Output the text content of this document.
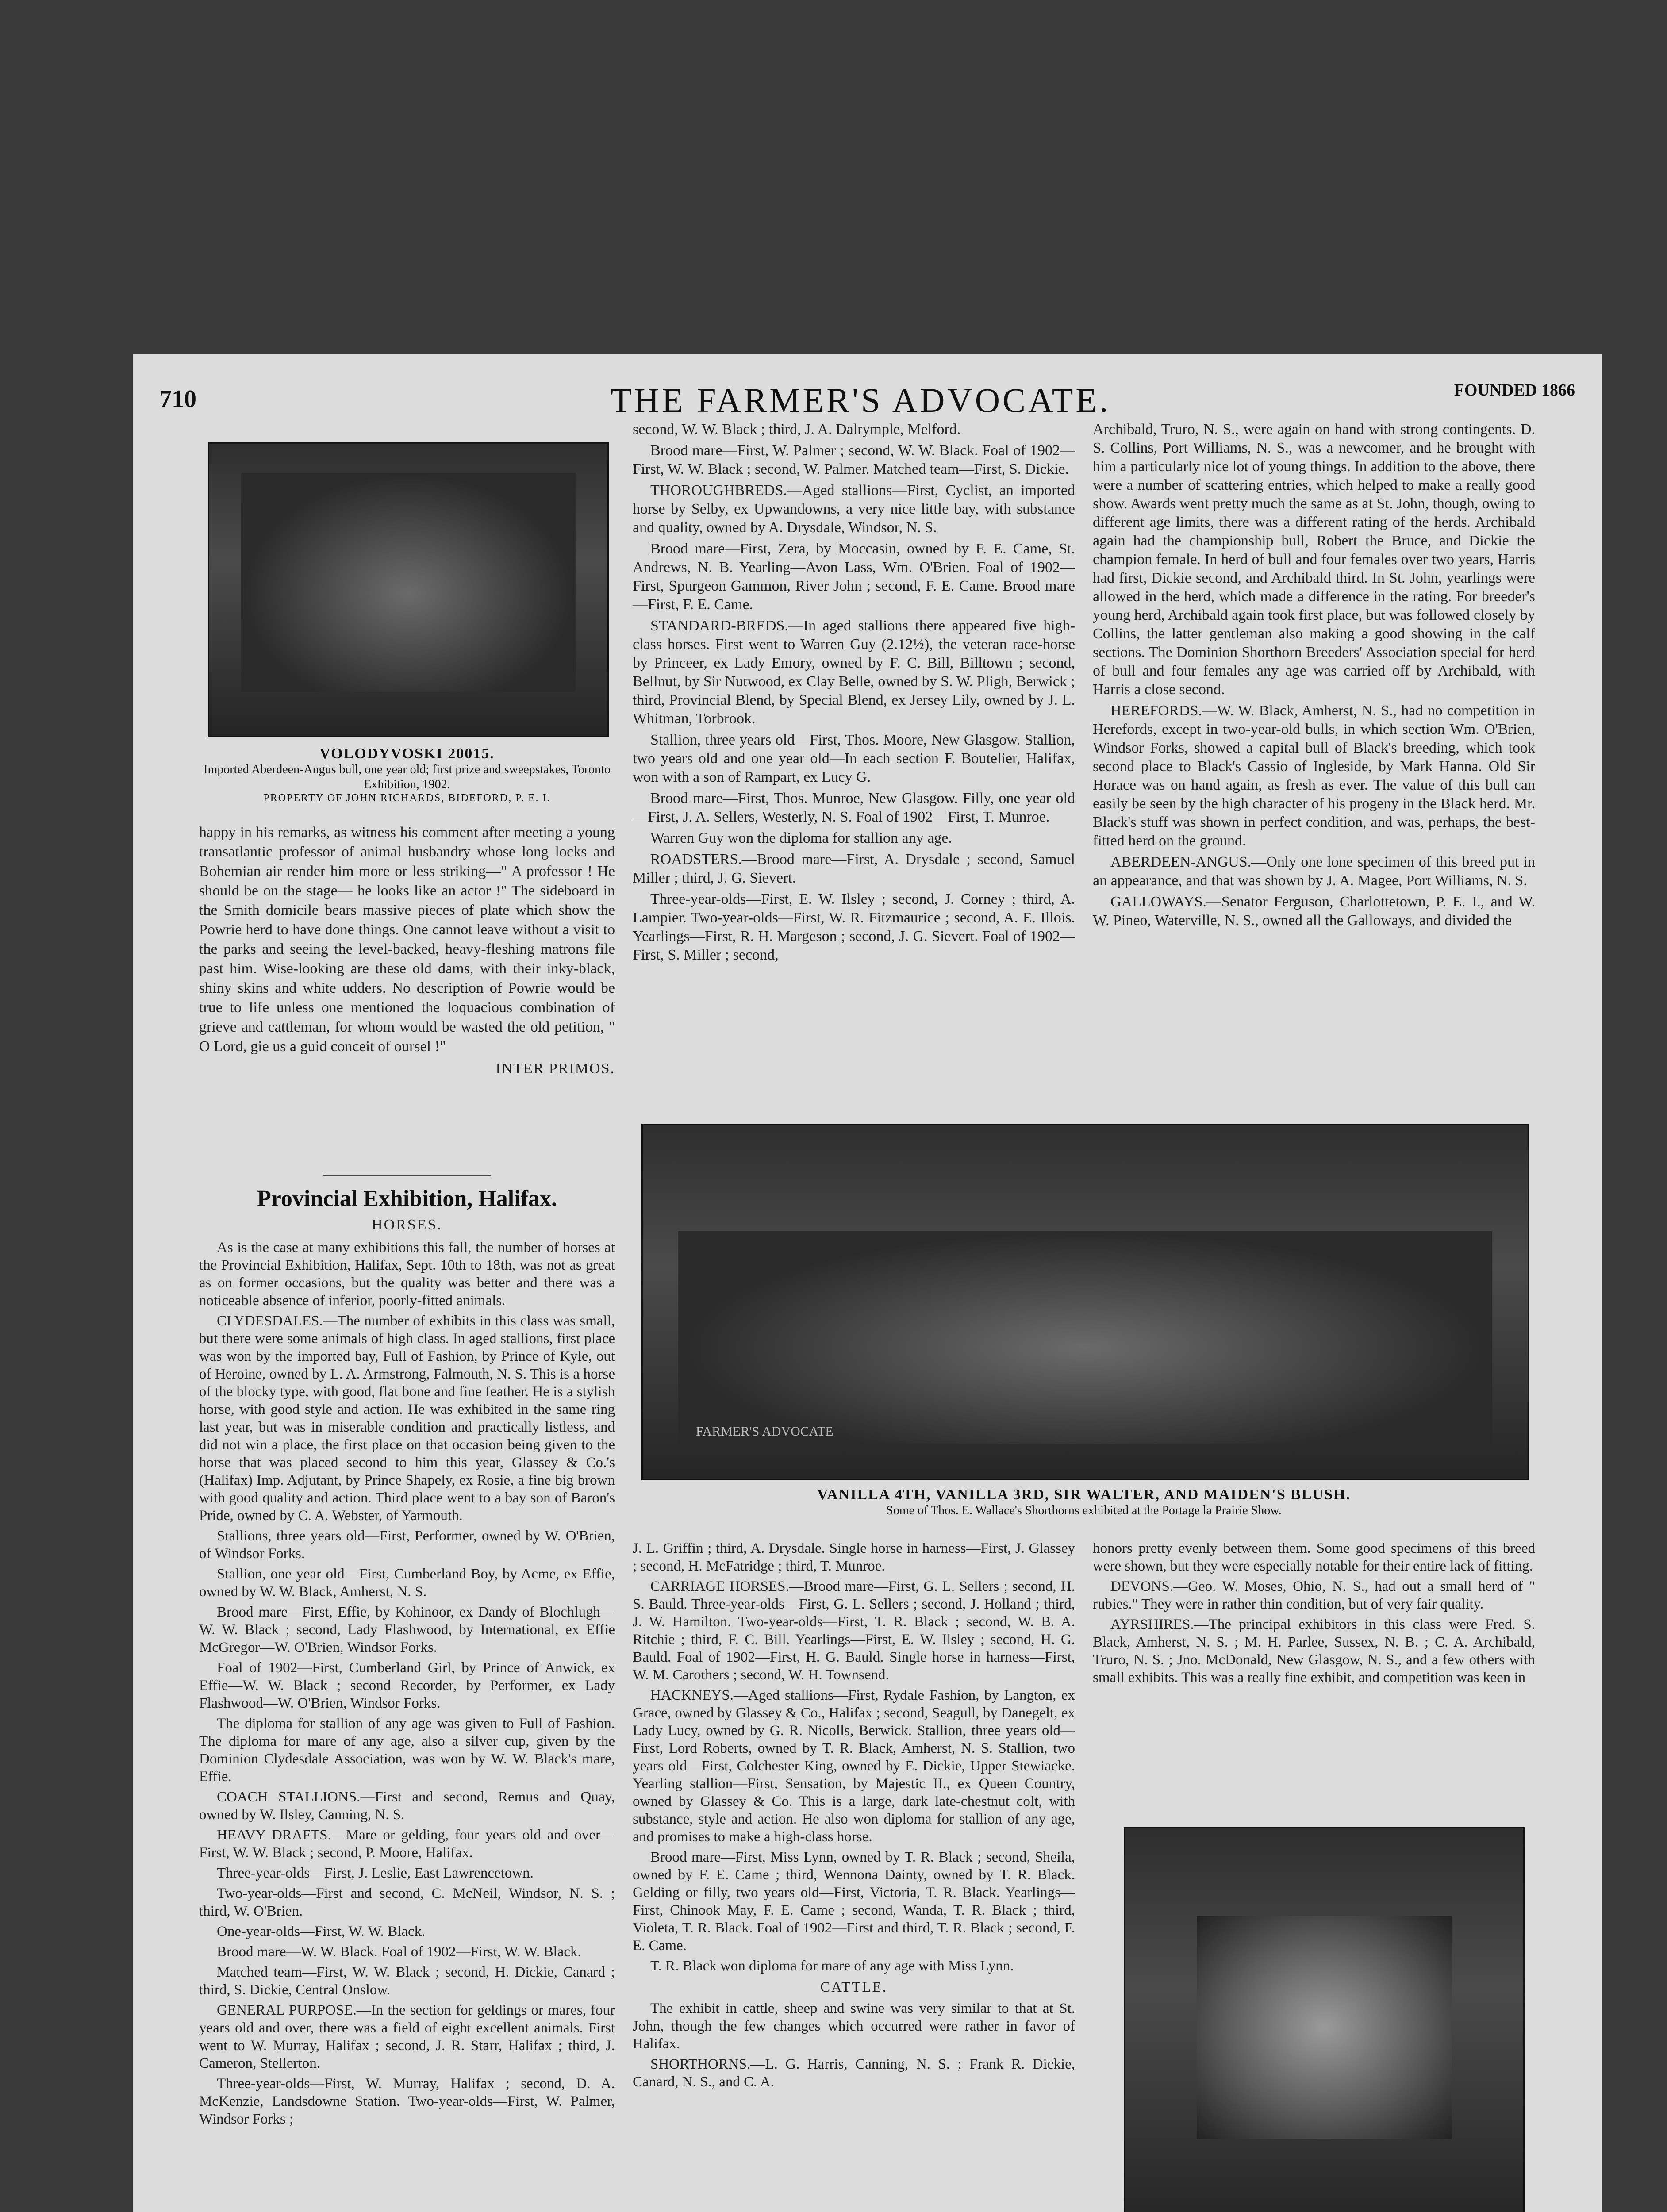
710	THE FARMER'S ADVOCATE.	FOUNDED 1866
VOLODYVOSKI 20015.
Imported Aberdeen-Angus bull, one year old; first prize and sweepstakes, Toronto Exhibition, 1902.
PROPERTY OF JOHN RICHARDS, BIDEFORD, P. E. I.

happy in his remarks, as witness his comment after meeting a young transatlantic professor of animal husbandry whose long locks and Bohemian air render him more or less striking—" A professor ! He should be on the stage— he looks like an actor !" The sideboard in the Smith domicile bears massive pieces of plate which show the Powrie herd to have done things. One cannot leave without a visit to the parks and seeing the level-backed, heavy-fleshing matrons file past him. Wise-looking are these old dams, with their inky-black, shiny skins and white udders. No description of Powrie would be true to life unless one mentioned the loquacious combination of grieve and cattleman, for whom would be wasted the old petition, " O Lord, gie us a guid conceit of oursel !"

INTER PRIMOS.
Provincial Exhibition, Halifax.
HORSES.

As is the case at many exhibitions this fall, the number of horses at the Provincial Exhibition, Halifax, Sept. 10th to 18th, was not as great as on former occasions, but the quality was better and there was a noticeable absence of inferior, poorly-fitted animals.

CLYDESDALES.—The number of exhibits in this class was small, but there were some animals of high class. In aged stallions, first place was won by the imported bay, Full of Fashion, by Prince of Kyle, out of Heroine, owned by L. A. Armstrong, Falmouth, N. S. This is a horse of the blocky type, with good, flat bone and fine feather. He is a stylish horse, with good style and action. He was exhibited in the same ring last year, but was in miserable condition and practically listless, and did not win a place, the first place on that occasion being given to the horse that was placed second to him this year, Glassey & Co.'s (Halifax) Imp. Adjutant, by Prince Shapely, ex Rosie, a fine big brown with good quality and action. Third place went to a bay son of Baron's Pride, owned by C. A. Webster, of Yarmouth.

Stallions, three years old—First, Performer, owned by W. O'Brien, of Windsor Forks.

Stallion, one year old—First, Cumberland Boy, by Acme, ex Effie, owned by W. W. Black, Amherst, N. S.

Brood mare—First, Effie, by Kohinoor, ex Dandy of Blochlugh—W. W. Black ; second, Lady Flashwood, by International, ex Effie McGregor—W. O'Brien, Windsor Forks.

Foal of 1902—First, Cumberland Girl, by Prince of Anwick, ex Effie—W. W. Black ; second Recorder, by Performer, ex Lady Flashwood—W. O'Brien, Windsor Forks.

The diploma for stallion of any age was given to Full of Fashion. The diploma for mare of any age, also a silver cup, given by the Dominion Clydesdale Association, was won by W. W. Black's mare, Effie.

COACH STALLIONS.—First and second, Remus and Quay, owned by W. Ilsley, Canning, N. S.

HEAVY DRAFTS.—Mare or gelding, four years old and over—First, W. W. Black ; second, P. Moore, Halifax.

Three-year-olds—First, J. Leslie, East Lawrencetown.

Two-year-olds—First and second, C. McNeil, Windsor, N. S. ; third, W. O'Brien.

One-year-olds—First, W. W. Black.

Brood mare—W. W. Black. Foal of 1902—First, W. W. Black.

Matched team—First, W. W. Black ; second, H. Dickie, Canard ; third, S. Dickie, Central Onslow.

GENERAL PURPOSE.—In the section for geldings or mares, four years old and over, there was a field of eight excellent animals. First went to W. Murray, Halifax ; second, J. R. Starr, Halifax ; third, J. Cameron, Stellerton.

Three-year-olds—First, W. Murray, Halifax ; second, D. A. McKenzie, Landsdowne Station. Two-year-olds—First, W. Palmer, Windsor Forks ;

second, W. W. Black ; third, J. A. Dalrymple, Melford.

Brood mare—First, W. Palmer ; second, W. W. Black. Foal of 1902—First, W. W. Black ; second, W. Palmer. Matched team—First, S. Dickie.

THOROUGHBREDS.—Aged stallions—First, Cyclist, an imported horse by Selby, ex Upwandowns, a very nice little bay, with substance and quality, owned by A. Drysdale, Windsor, N. S.

Brood mare—First, Zera, by Moccasin, owned by F. E. Came, St. Andrews, N. B. Yearling—Avon Lass, Wm. O'Brien. Foal of 1902—First, Spurgeon Gammon, River John ; second, F. E. Came. Brood mare—First, F. E. Came.

STANDARD-BREDS.—In aged stallions there appeared five high-class horses. First went to Warren Guy (2.12½), the veteran race-horse by Princeer, ex Lady Emory, owned by F. C. Bill, Billtown ; second, Bellnut, by Sir Nutwood, ex Clay Belle, owned by S. W. Pligh, Berwick ; third, Provincial Blend, by Special Blend, ex Jersey Lily, owned by J. L. Whitman, Torbrook.

Stallion, three years old—First, Thos. Moore, New Glasgow. Stallion, two years old and one year old—In each section F. Boutelier, Halifax, won with a son of Rampart, ex Lucy G.

Brood mare—First, Thos. Munroe, New Glasgow. Filly, one year old—First, J. A. Sellers, Westerly, N. S. Foal of 1902—First, T. Munroe.

Warren Guy won the diploma for stallion any age.

ROADSTERS.—Brood mare—First, A. Drysdale ; second, Samuel Miller ; third, J. G. Sievert.

Three-year-olds—First, E. W. Ilsley ; second, J. Corney ; third, A. Lampier. Two-year-olds—First, W. R. Fitzmaurice ; second, A. E. Illois. Yearlings—First, R. H. Margeson ; second, J. G. Sievert. Foal of 1902—First, S. Miller ; second,

Archibald, Truro, N. S., were again on hand with strong contingents. D. S. Collins, Port Williams, N. S., was a newcomer, and he brought with him a particularly nice lot of young things. In addition to the above, there were a number of scattering entries, which helped to make a really good show. Awards went pretty much the same as at St. John, though, owing to different age limits, there was a different rating of the herds. Archibald again had the championship bull, Robert the Bruce, and Dickie the champion female. In herd of bull and four females over two years, Harris had first, Dickie second, and Archibald third. In St. John, yearlings were allowed in the herd, which made a difference in the rating. For breeder's young herd, Archibald again took first place, but was followed closely by Collins, the latter gentleman also making a good showing in the calf sections. The Dominion Shorthorn Breeders' Association special for herd of bull and four females any age was carried off by Archibald, with Harris a close second.

HEREFORDS.—W. W. Black, Amherst, N. S., had no competition in Herefords, except in two-year-old bulls, in which section Wm. O'Brien, Windsor Forks, showed a capital bull of Black's breeding, which took second place to Black's Cassio of Ingleside, by Mark Hanna. Old Sir Horace was on hand again, as fresh as ever. The value of this bull can easily be seen by the high character of his progeny in the Black herd. Mr. Black's stuff was shown in perfect condition, and was, perhaps, the best-fitted herd on the ground.

ABERDEEN-ANGUS.—Only one lone specimen of this breed put in an appearance, and that was shown by J. A. Magee, Port Williams, N. S.

GALLOWAYS.—Senator Ferguson, Charlottetown, P. E. I., and W. W. Pineo, Waterville, N. S., owned all the Galloways, and divided the

FARMER'S ADVOCATE
VANILLA 4TH, VANILLA 3RD, SIR WALTER, AND MAIDEN'S BLUSH.
Some of Thos. E. Wallace's Shorthorns exhibited at the Portage la Prairie Show.

J. L. Griffin ; third, A. Drysdale. Single horse in harness—First, J. Glassey ; second, H. McFatridge ; third, T. Munroe.

CARRIAGE HORSES.—Brood mare—First, G. L. Sellers ; second, H. S. Bauld. Three-year-olds—First, G. L. Sellers ; second, J. Holland ; third, J. W. Hamilton. Two-year-olds—First, T. R. Black ; second, W. B. A. Ritchie ; third, F. C. Bill. Yearlings—First, E. W. Ilsley ; second, H. G. Bauld. Foal of 1902—First, H. G. Bauld. Single horse in harness—First, W. M. Carothers ; second, W. H. Townsend.

HACKNEYS.—Aged stallions—First, Rydale Fashion, by Langton, ex Grace, owned by Glassey & Co., Halifax ; second, Seagull, by Danegelt, ex Lady Lucy, owned by G. R. Nicolls, Berwick. Stallion, three years old—First, Lord Roberts, owned by T. R. Black, Amherst, N. S. Stallion, two years old—First, Colchester King, owned by E. Dickie, Upper Stewiacke. Yearling stallion—First, Sensation, by Majestic II., ex Queen Country, owned by Glassey & Co. This is a large, dark late-chestnut colt, with substance, style and action. He also won diploma for stallion of any age, and promises to make a high-class horse.

Brood mare—First, Miss Lynn, owned by T. R. Black ; second, Sheila, owned by F. E. Came ; third, Wennona Dainty, owned by T. R. Black. Gelding or filly, two years old—First, Victoria, T. R. Black. Yearlings—First, Chinook May, F. E. Came ; second, Wanda, T. R. Black ; third, Violeta, T. R. Black. Foal of 1902—First and third, T. R. Black ; second, F. E. Came.

T. R. Black won diploma for mare of any age with Miss Lynn.

CATTLE.

The exhibit in cattle, sheep and swine was very similar to that at St. John, though the few changes which occurred were rather in favor of Halifax.

SHORTHORNS.—L. G. Harris, Canning, N. S. ; Frank R. Dickie, Canard, N. S., and C. A.

honors pretty evenly between them. Some good specimens of this breed were shown, but they were especially notable for their entire lack of fitting.

DEVONS.—Geo. W. Moses, Ohio, N. S., had out a small herd of " rubies." They were in rather thin condition, but of very fair quality.

AYRSHIRES.—The principal exhibitors in this class were Fred. S. Black, Amherst, N. S. ; M. H. Parlee, Sussex, N. B. ; C. A. Archibald, Truro, N. S. ; Jno. McDonald, New Glasgow, N. S., and a few others with small exhibits. This was a really fine exhibit, and competition was keen in
